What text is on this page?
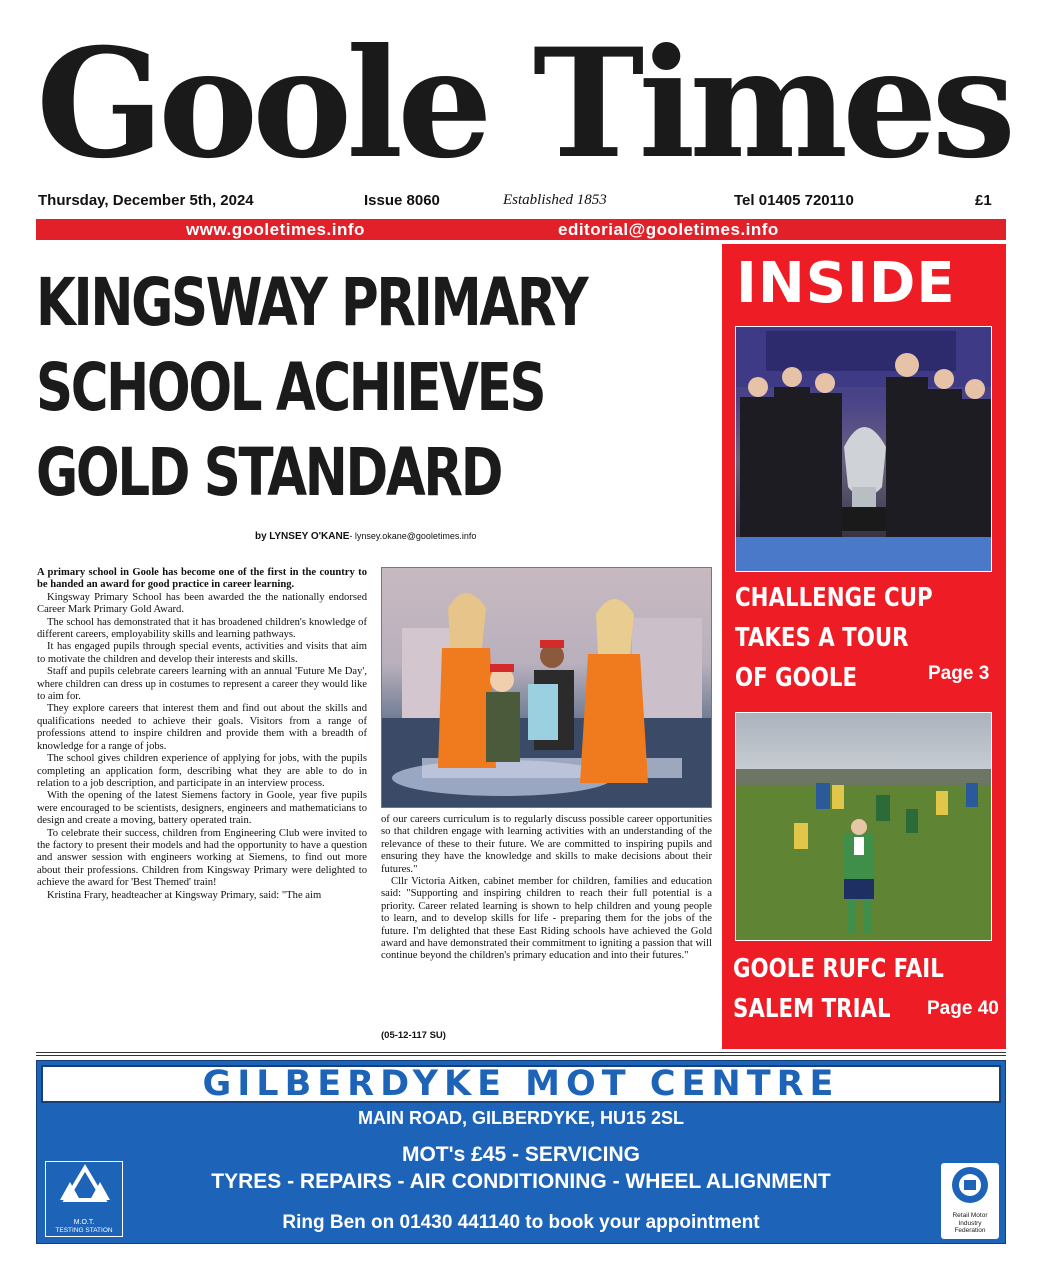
Goole Times
Thursday, December 5th, 2024	Issue 8060	Established 1853	Tel 01405 720110	£1
www.gooletimes.info	editorial@gooletimes.info
KINGSWAY PRIMARY
SCHOOL ACHIEVES
GOLD STANDARD
by LYNSEY O'KANE- lynsey.okane@gooletimes.info

A primary school in Goole has become one of the first in the country to be handed an award for good practice in career learning.

Kingsway Primary School has been awarded the the nationally endorsed Career Mark Primary Gold Award.

The school has demonstrated that it has broadened children's knowledge of different careers, employability skills and learning pathways.

It has engaged pupils through special events, activities and visits that aim to motivate the children and develop their interests and skills.

Staff and pupils celebrate careers learning with an annual 'Future Me Day', where children can dress up in costumes to represent a career they would like to aim for.

They explore careers that interest them and find out about the skills and qualifications needed to achieve their goals. Visitors from a range of professions attend to inspire children and provide them with a breadth of knowledge for a range of jobs.

The school gives children experience of applying for jobs, with the pupils completing an application form, describing what they are able to do in relation to a job description, and participate in an interview process.

With the opening of the latest Siemens factory in Goole, year five pupils were encouraged to be scientists, designers, engineers and mathematicians to design and create a moving, battery operated train.

To celebrate their success, children from Engineering Club were invited to the factory to present their models and had the opportunity to have a question and answer session with engineers working at Siemens, to find out more about their professions. Children from Kingsway Primary were delighted to achieve the award for 'Best Themed' train!

Kristina Frary, headteacher at Kingsway Primary, said: "The aim

of our careers curriculum is to regularly discuss possible career opportunities so that children engage with learning activities with an understanding of the relevance of these to their future. We are committed to inspiring pupils and ensuring they have the knowledge and skills to make decisions about their futures."

Cllr Victoria Aitken, cabinet member for children, families and education said: "Supporting and inspiring children to reach their full potential is a priority. Career related learning is shown to help children and young people to learn, and to develop skills for life - preparing them for the jobs of the future. I'm delighted that these East Riding schools have achieved the Gold award and have demonstrated their commitment to igniting a passion that will continue beyond the children's primary education and into their futures."

(05-12-117 SU)
INSIDE
CHALLENGE CUP
TAKES A TOUR
OF GOOLE	Page 3
GOOLE RUFC FAIL
SALEM TRIAL	Page 40
GILBERDYKE MOT CENTRE
MAIN ROAD, GILBERDYKE, HU15 2SL
MOT's £45 - SERVICING
TYRES - REPAIRS - AIR CONDITIONING - WHEEL ALIGNMENT
Ring Ben on 01430 441140 to book your appointment
M.O.T.
TESTING STATION
Retail Motor
Industry
Federation
